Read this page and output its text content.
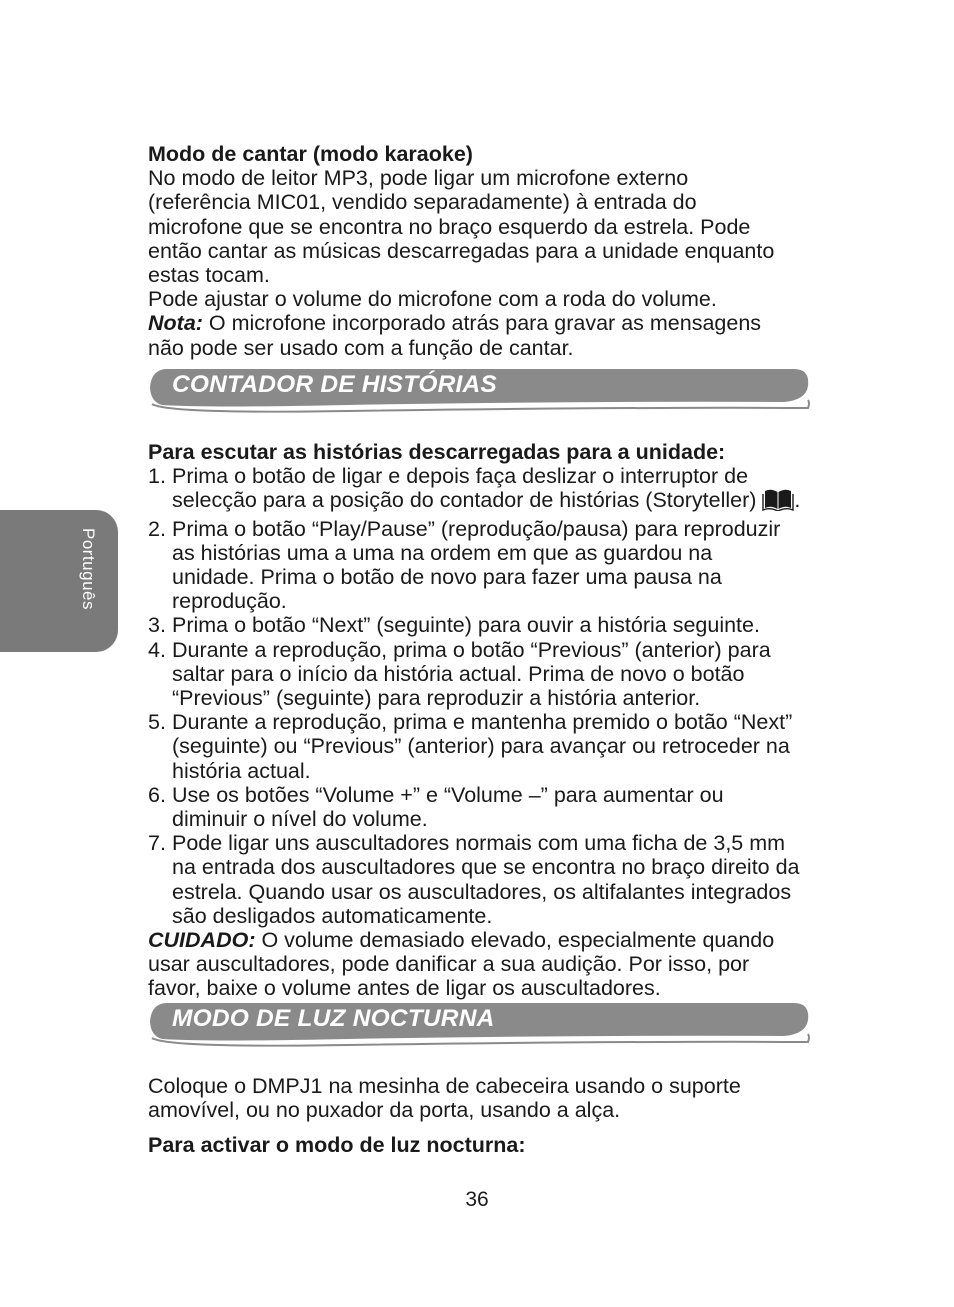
Português

Modo de cantar (modo karaoke)

No modo de leitor MP3, pode ligar um microfone externo

(referência MIC01, vendido separadamente) à entrada do

microfone que se encontra no braço esquerdo da estrela. Pode

então cantar as músicas descarregadas para a unidade enquanto

estas tocam.

Pode ajustar o volume do microfone com a roda do volume.

Nota: O microfone incorporado atrás para gravar as mensagens

não pode ser usado com a função de cantar.

CONTADOR DE HISTÓRIAS

Para escutar as histórias descarregadas para a unidade:

1. Prima o botão de ligar e depois faça deslizar o interruptor de

selecção para a posição do contador de histórias (Storyteller) .

2. Prima o botão “Play/Pause” (reprodução/pausa) para reproduzir

as histórias uma a uma na ordem em que as guardou na

unidade. Prima o botão de novo para fazer uma pausa na

reprodução.

3. Prima o botão “Next” (seguinte) para ouvir a história seguinte.

4. Durante a reprodução, prima o botão “Previous” (anterior) para

saltar para o início da história actual. Prima de novo o botão

“Previous” (seguinte) para reproduzir a história anterior.

5. Durante a reprodução, prima e mantenha premido o botão “Next”

(seguinte) ou “Previous” (anterior) para avançar ou retroceder na

história actual.

6. Use os botões “Volume +” e “Volume –” para aumentar ou

diminuir o nível do volume.

7. Pode ligar uns auscultadores normais com uma ficha de 3,5 mm

na entrada dos auscultadores que se encontra no braço direito da

estrela. Quando usar os auscultadores, os altifalantes integrados

são desligados automaticamente.

CUIDADO: O volume demasiado elevado, especialmente quando

usar auscultadores, pode danificar a sua audição. Por isso, por

favor, baixe o volume antes de ligar os auscultadores.

MODO DE LUZ NOCTURNA

Coloque o DMPJ1 na mesinha de cabeceira usando o suporte

amovível, ou no puxador da porta, usando a alça.

Para activar o modo de luz nocturna:

36
